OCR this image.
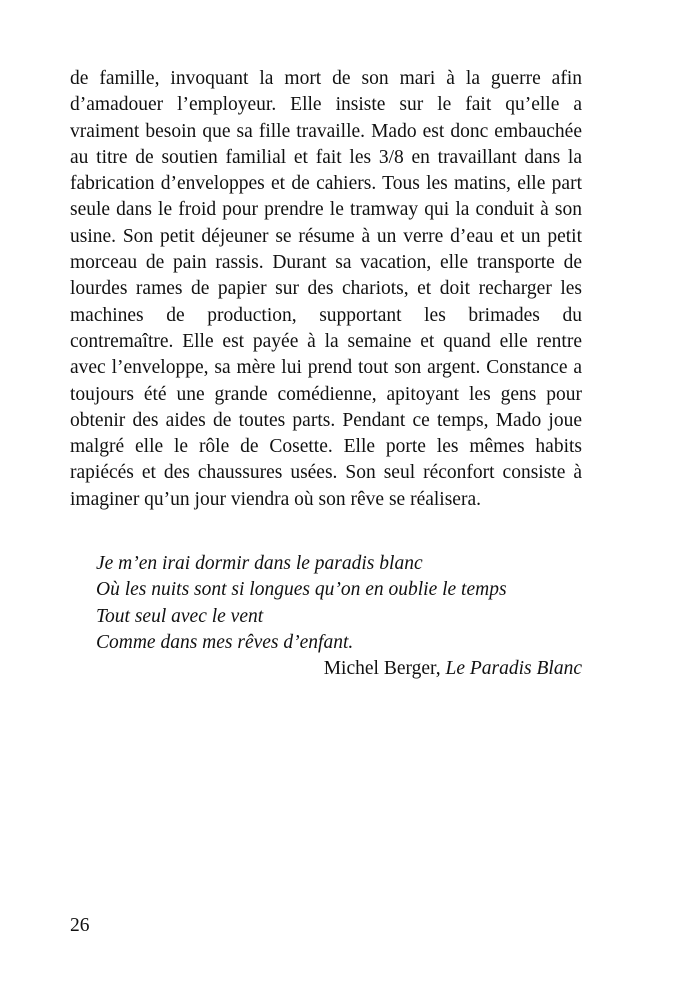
de famille, invoquant la mort de son mari à la guerre afin
d’amadouer l’employeur. Elle insiste sur le fait qu’elle a
vraiment besoin que sa fille travaille. Mado est donc embauchée
au titre de soutien familial et fait les 3/8 en travaillant dans la
fabrication d’enveloppes et de cahiers. Tous les matins, elle part
seule dans le froid pour prendre le tramway qui la conduit à son
usine. Son petit déjeuner se résume à un verre d’eau et un petit
morceau de pain rassis. Durant sa vacation, elle transporte de
lourdes rames de papier sur des chariots, et doit recharger les
machines de production, supportant les brimades du
contremaître. Elle est payée à la semaine et quand elle rentre
avec l’enveloppe, sa mère lui prend tout son argent. Constance a
toujours été une grande comédienne, apitoyant les gens pour
obtenir des aides de toutes parts. Pendant ce temps, Mado joue
malgré elle le rôle de Cosette. Elle porte les mêmes habits
rapiécés et des chaussures usées. Son seul réconfort consiste à
imaginer qu’un jour viendra où son rêve se réalisera.
Je m’en irai dormir dans le paradis blanc
Où les nuits sont si longues qu’on en oublie le temps
Tout seul avec le vent
Comme dans mes rêves d’enfant.
Michel Berger, Le Paradis Blanc
26
